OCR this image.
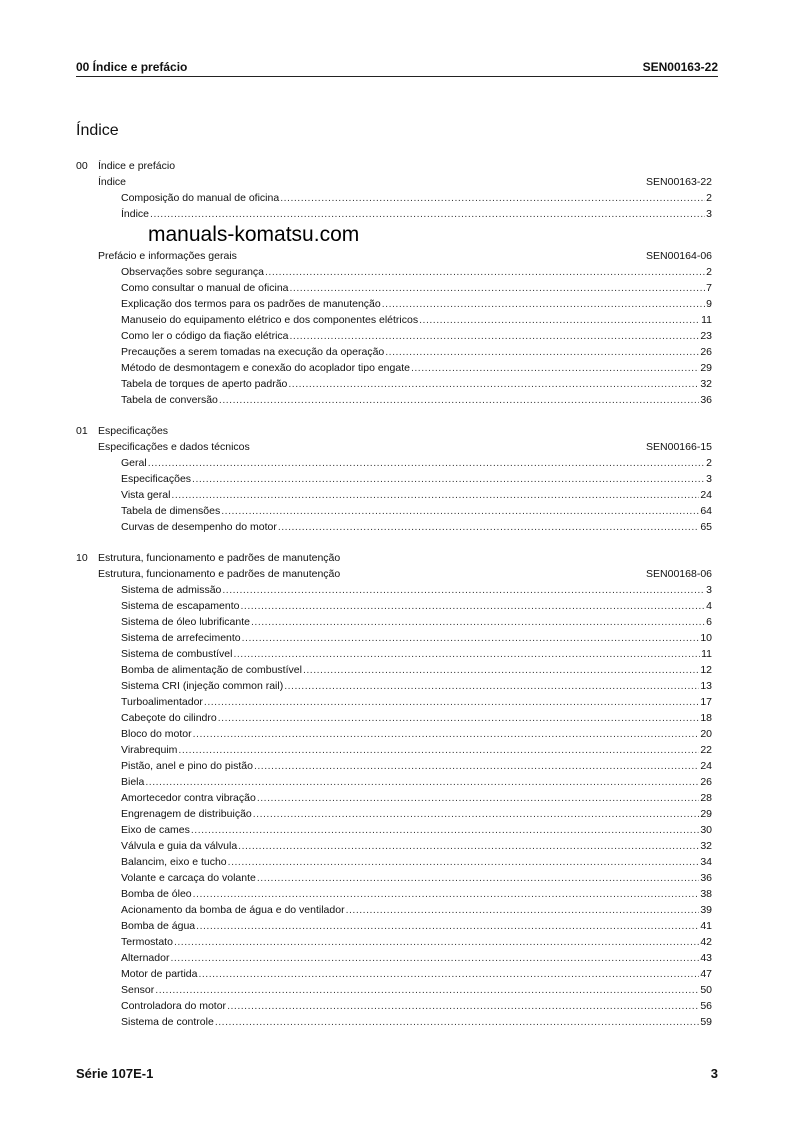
00 Índice e prefácio	SEN00163-22
Índice
00 Índice e prefácio
Índice	SEN00163-22
Composição do manual de oficina .....	2
Índice .....	3
manuals-komatsu.com
Prefácio e informações gerais	SEN00164-06
Observações sobre segurança .....	2
Como consultar o manual de oficina .....	7
Explicação dos termos para os padrões de manutenção .....	9
Manuseio do equipamento elétrico e dos componentes elétricos .....	11
Como ler o código da fiação elétrica .....	23
Precauções a serem tomadas na execução da operação .....	26
Método de desmontagem e conexão do acoplador tipo engate .....	29
Tabela de torques de aperto padrão .....	32
Tabela de conversão .....	36
01 Especificações
Especificações e dados técnicos	SEN00166-15
Geral .....	2
Especificações .....	3
Vista geral .....	24
Tabela de dimensões .....	64
Curvas de desempenho do motor .....	65
10 Estrutura, funcionamento e padrões de manutenção
Estrutura, funcionamento e padrões de manutenção	SEN00168-06
Sistema de admissão .....	3
Sistema de escapamento .....	4
Sistema de óleo lubrificante .....	6
Sistema de arrefecimento .....	10
Sistema de combustível .....	11
Bomba de alimentação de combustível .....	12
Sistema CRI (injeção common rail) .....	13
Turboalimentador .....	17
Cabeçote do cilindro .....	18
Bloco do motor .....	20
Virabrequim .....	22
Pistão, anel e pino do pistão .....	24
Biela .....	26
Amortecedor contra vibração .....	28
Engrenagem de distribuição .....	29
Eixo de cames .....	30
Válvula e guia da válvula .....	32
Balancim, eixo e tucho .....	34
Volante e carcaça do volante .....	36
Bomba de óleo .....	38
Acionamento da bomba de água e do ventilador .....	39
Bomba de água .....	41
Termostato .....	42
Alternador .....	43
Motor de partida .....	47
Sensor .....	50
Controladora do motor .....	56
Sistema de controle .....	59
Série 107E-1	3
